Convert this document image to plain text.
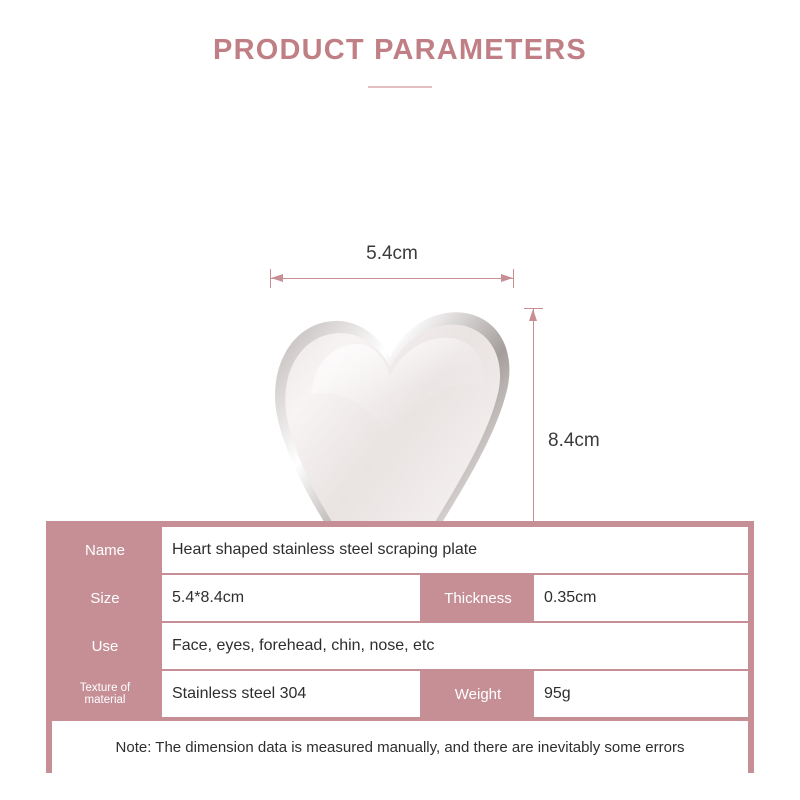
PRODUCT PARAMETERS
5.4cm
8.4cm
Name	Heart shaped stainless steel scraping plate
Size	5.4*8.4cm	Thickness	0.35cm
Use	Face, eyes, forehead, chin, nose, etc
Texture of material	Stainless steel 304	Weight	95g
Note: The dimension data is measured manually, and there are inevitably some errors
